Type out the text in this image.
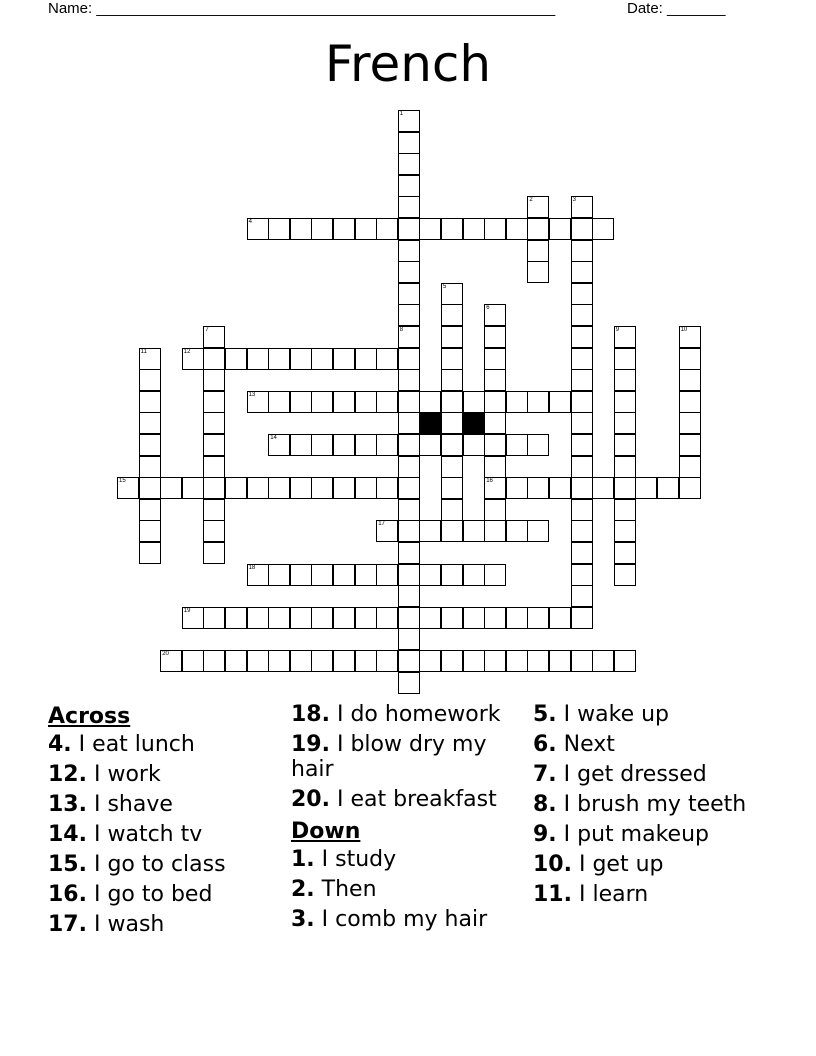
Name: _______________________________________________________	Date: _______
French
1
8
2	3
4
5
6
16
7	9	10
11	12
13
14
15
17
18
19
20
Across
4. I eat lunch
12. I work
13. I shave
14. I watch tv
15. I go to class
16. I go to bed
17. I wash
18. I do homework
19. I blow dry my hair
20. I eat breakfast
Down
1. I study
2. Then
3. I comb my hair
5. I wake up
6. Next
7. I get dressed
8. I brush my teeth
9. I put makeup
10. I get up
11. I learn
